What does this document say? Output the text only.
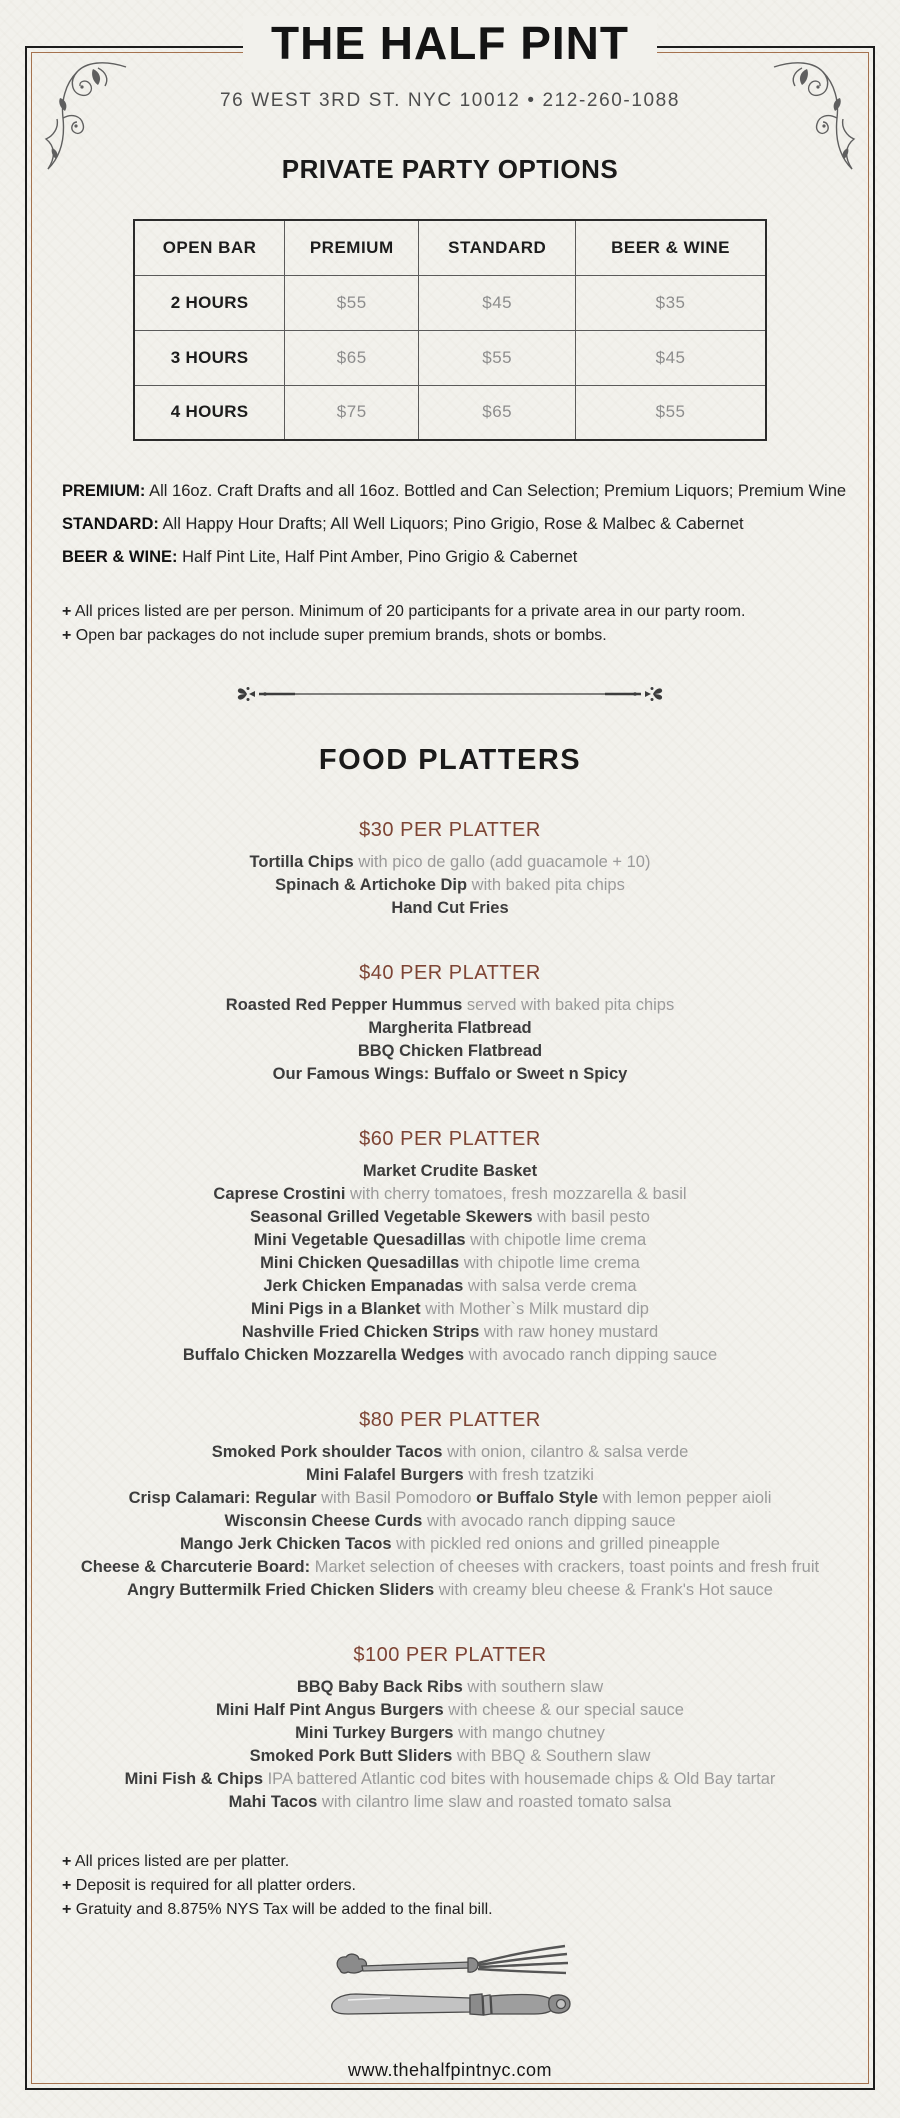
THE HALF PINT
76 WEST 3RD ST. NYC 10012 • 212-260-1088
PRIVATE PARTY OPTIONS
OPEN BAR	PREMIUM	STANDARD	BEER & WINE
2 HOURS	$55	$45	$35
3 HOURS	$65	$55	$45
4 HOURS	$75	$65	$55
PREMIUM: All 16oz. Craft Drafts and all 16oz. Bottled and Can Selection; Premium Liquors; Premium Wine
STANDARD: All Happy Hour Drafts; All Well Liquors; Pino Grigio, Rose & Malbec & Cabernet
BEER & WINE: Half Pint Lite, Half Pint Amber, Pino Grigio & Cabernet
+ All prices listed are per person. Minimum of 20 participants for a private area in our party room.
+ Open bar packages do not include super premium brands, shots or bombs.
FOOD PLATTERS
$30 PER PLATTER

Tortilla Chips with pico de gallo (add guacamole + 10)

Spinach & Artichoke Dip with baked pita chips

Hand Cut Fries

$40 PER PLATTER

Roasted Red Pepper Hummus served with baked pita chips

Margherita Flatbread

BBQ Chicken Flatbread

Our Famous Wings: Buffalo or Sweet n Spicy

$60 PER PLATTER

Market Crudite Basket

Caprese Crostini with cherry tomatoes, fresh mozzarella & basil

Seasonal Grilled Vegetable Skewers with basil pesto

Mini Vegetable Quesadillas with chipotle lime crema

Mini Chicken Quesadillas with chipotle lime crema

Jerk Chicken Empanadas with salsa verde crema

Mini Pigs in a Blanket with Mother`s Milk mustard dip

Nashville Fried Chicken Strips with raw honey mustard

Buffalo Chicken Mozzarella Wedges with avocado ranch dipping sauce

$80 PER PLATTER

Smoked Pork shoulder Tacos with onion, cilantro & salsa verde

Mini Falafel Burgers with fresh tzatziki

Crisp Calamari: Regular with Basil Pomodoro or Buffalo Style with lemon pepper aioli

Wisconsin Cheese Curds with avocado ranch dipping sauce

Mango Jerk Chicken Tacos with pickled red onions and grilled pineapple

Cheese & Charcuterie Board: Market selection of cheeses with crackers, toast points and fresh fruit

Angry Buttermilk Fried Chicken Sliders with creamy bleu cheese & Frank's Hot sauce

$100 PER PLATTER

BBQ Baby Back Ribs with southern slaw

Mini Half Pint Angus Burgers with cheese & our special sauce

Mini Turkey Burgers with mango chutney

Smoked Pork Butt Sliders with BBQ & Southern slaw

Mini Fish & Chips IPA battered Atlantic cod bites with housemade chips & Old Bay tartar

Mahi Tacos with cilantro lime slaw and roasted tomato salsa

+ All prices listed are per platter.
+ Deposit is required for all platter orders.
+ Gratuity and 8.875% NYS Tax will be added to the final bill.
www.thehalfpintnyc.com
